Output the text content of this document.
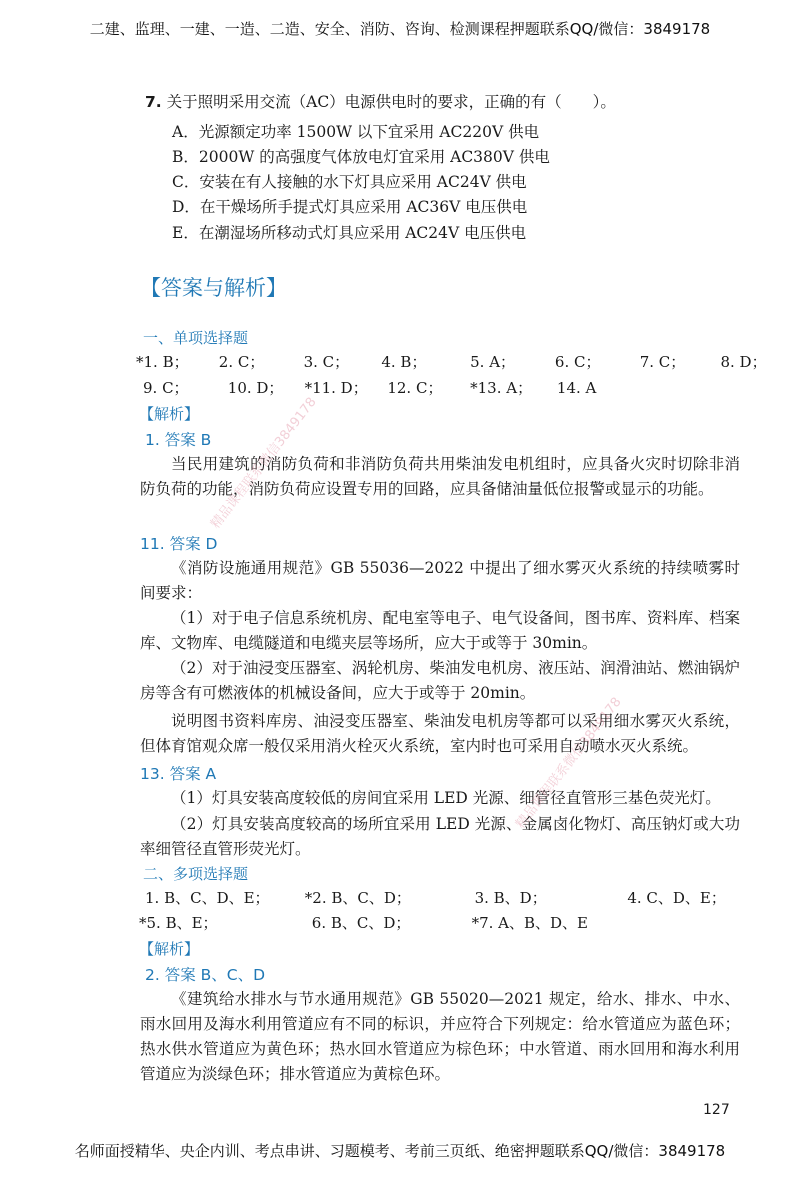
二建、监理、一建、一造、二造、安全、消防、咨询、检测课程押题联系QQ/微信：3849178
7. 关于照明采用交流（AC）电源供电时的要求，正确的有（　　）。
A．光源额定功率 1500W 以下宜采用 AC220V 供电
B．2000W 的高强度气体放电灯宜采用 AC380V 供电
C．安装在有人接触的水下灯具应采用 AC24V 供电
D．在干燥场所手提式灯具应采用 AC36V 电压供电
E．在潮湿场所移动式灯具应采用 AC24V 电压供电
【答案与解析】
一、单项选择题
*1. B； 2. C；	3. C； 4. B；	5. A；	6. C；	7. C； 8. D；
9. C；	10. D； *11. D； 12. C； *13. A； 14. A
【解析】
1. 答案 B
当民用建筑的消防负荷和非消防负荷共用柴油发电机组时，应具备火灾时切除非消防负荷的功能，消防负荷应设置专用的回路，应具备储油量低位报警或显示的功能。
11. 答案 D
《消防设施通用规范》GB 55036—2022 中提出了细水雾灭火系统的持续喷雾时间要求：
（1）对于电子信息系统机房、配电室等电子、电气设备间，图书库、资料库、档案库、文物库、电缆隧道和电缆夹层等场所，应大于或等于 30min。
（2）对于油浸变压器室、涡轮机房、柴油发电机房、液压站、润滑油站、燃油锅炉房等含有可燃液体的机械设备间，应大于或等于 20min。
说明图书资料库房、油浸变压器室、柴油发电机房等都可以采用细水雾灭火系统，但体育馆观众席一般仅采用消火栓灭火系统，室内时也可采用自动喷水灭火系统。
13. 答案 A
（1）灯具安装高度较低的房间宜采用 LED 光源、细管径直管形三基色荧光灯。
（2）灯具安装高度较高的场所宜采用 LED 光源、金属卤化物灯、高压钠灯或大功率细管径直管形荧光灯。
二、多项选择题
1. B、C、D、E； *2. B、C、D；	3. B、D；	4. C、D、E；
*5. B、E；	6. B、C、D；	*7. A、B、D、E
【解析】
2. 答案 B、C、D
《建筑给水排水与节水通用规范》GB 55020—2021 规定，给水、排水、中水、雨水回用及海水利用管道应有不同的标识，并应符合下列规定：给水管道应为蓝色环；热水供水管道应为黄色环；热水回水管道应为棕色环；中水管道、雨水回用和海水利用管道应为淡绿色环；排水管道应为黄棕色环。
127
名师面授精华、央企内训、考点串讲、习题模考、考前三页纸、绝密押题联系QQ/微信：3849178
精品课程联系微信3849178
精品课程联系微信3849178
